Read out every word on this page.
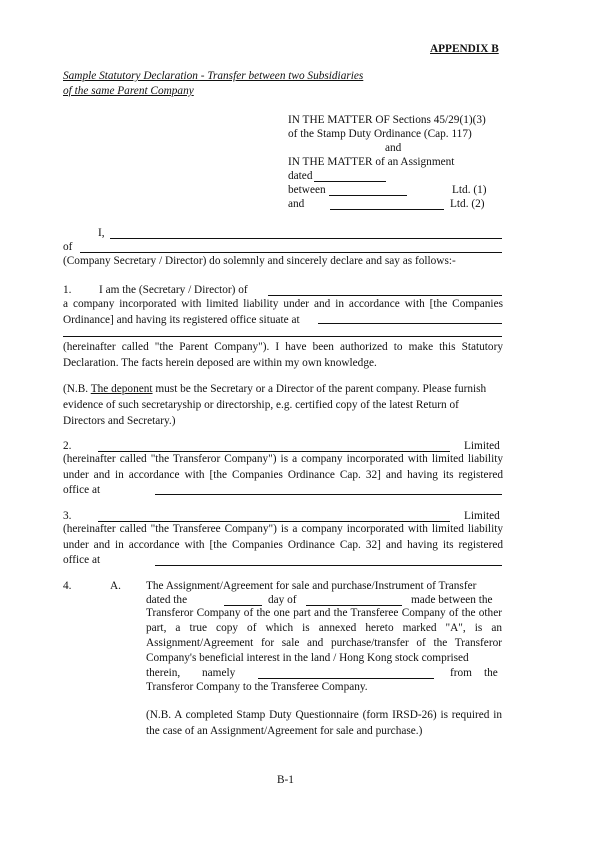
APPENDIX B
Sample Statutory Declaration - Transfer between two Subsidiaries
of the same Parent Company
IN THE MATTER OF Sections 45/29(1)(3)
of the Stamp Duty Ordinance (Cap. 117)
and
IN THE MATTER of an Assignment
dated
between	Ltd. (1)
and	Ltd. (2)
I,
of
(Company Secretary / Director) do solemnly and sincerely declare and say as follows:-
1. I am the (Secretary / Director) of
a company incorporated with limited liability under and in accordance with [the Companies Ordinance] and having its registered office situate at
(hereinafter called "the Parent Company"). I have been authorized to make this Statutory Declaration. The facts herein deposed are within my own knowledge.
(N.B. The deponent must be the Secretary or a Director of the parent company. Please furnish evidence of such secretaryship or directorship, e.g. certified copy of the latest Return of Directors and Secretary.)
2.	Limited
(hereinafter called "the Transferor Company") is a company incorporated with limited liability under and in accordance with [the Companies Ordinance Cap. 32] and having its registered office at
3.	Limited
(hereinafter called "the Transferee Company") is a company incorporated with limited liability under and in accordance with [the Companies Ordinance Cap. 32] and having its registered office at
4.	A. The Assignment/Agreement for sale and purchase/Instrument of Transfer
dated the	day of	made between the
Transferor Company of the one part and the Transferee Company of the other part, a true copy of which is annexed hereto marked "A", is an Assignment/Agreement for sale and purchase/transfer of the Transferor Company's beneficial interest in the land / Hong Kong stock comprised
therein, namely	from the
Transferor Company to the Transferee Company.
(N.B. A completed Stamp Duty Questionnaire (form IRSD-26) is required in the case of an Assignment/Agreement for sale and purchase.)
B-1
